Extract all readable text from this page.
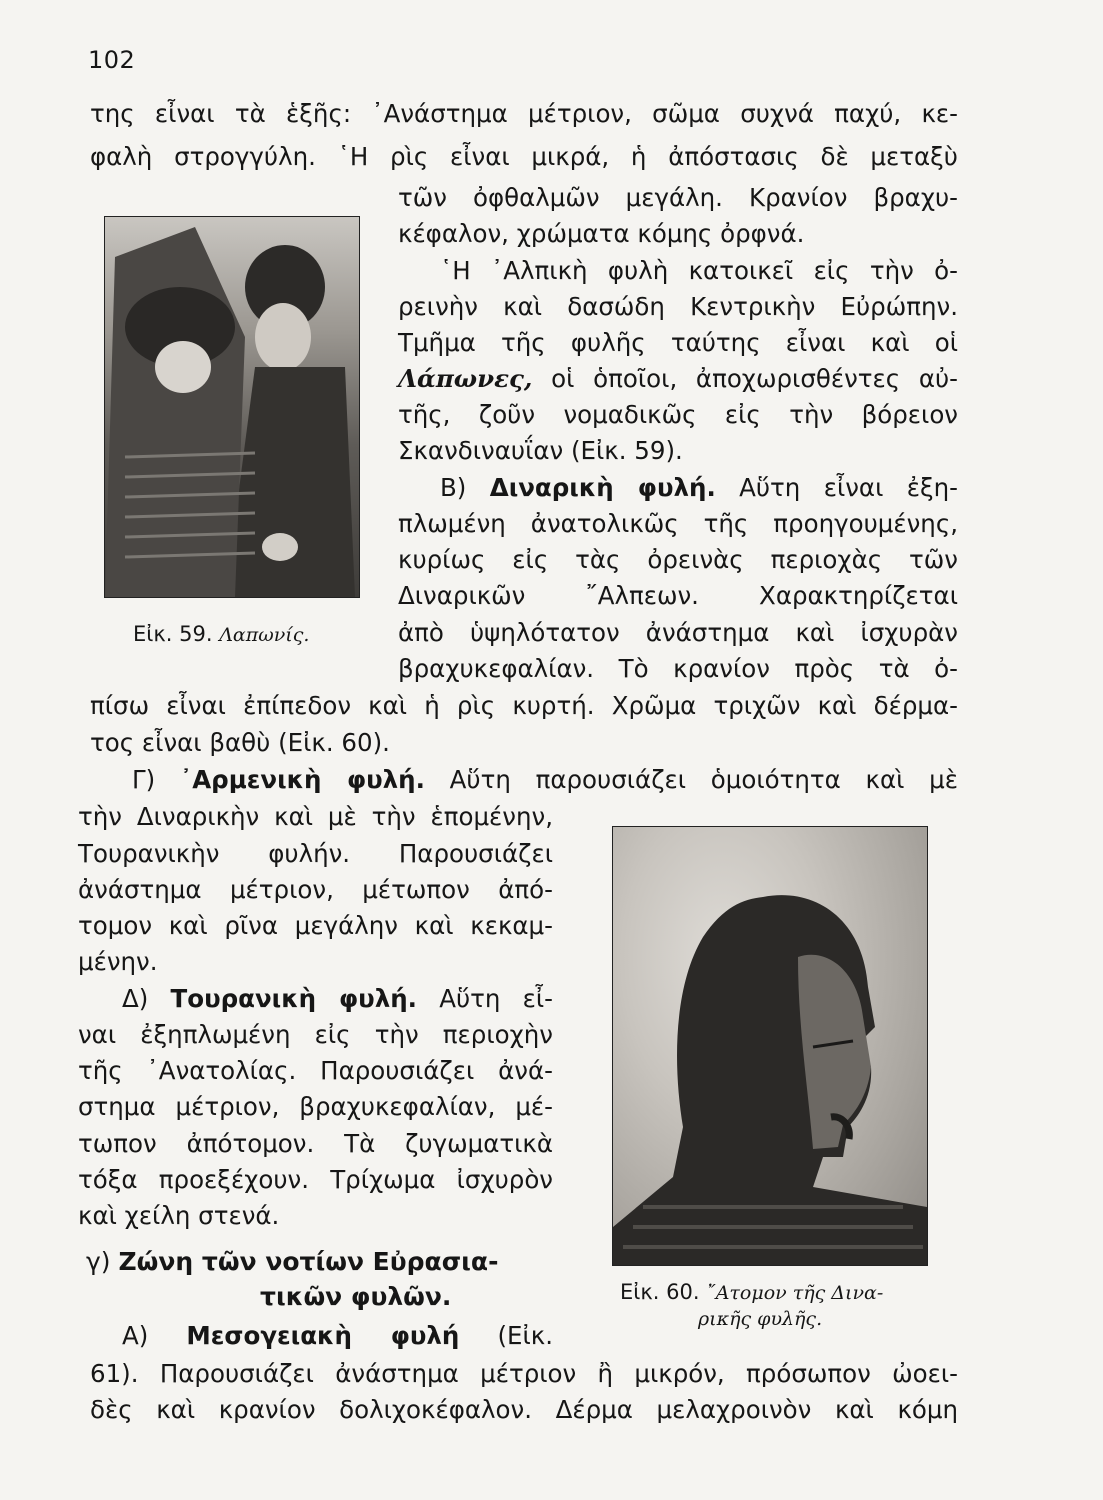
102
της εἶναι τὰ ἑξῆς: ᾽Ανάστημα μέτριον, σῶμα συχνά παχύ, κε-
φαλὴ στρογγύλη. ῾Η ρὶς εἶναι μικρά, ἡ ἀπόστασις δὲ μεταξὺ
Εἰκ. 59. Λαπωνίς.
τῶν ὀφθαλμῶν μεγάλη. Κρανίον βραχυ-
κέφαλον, χρώματα κόμης ὀρφνά.
῾Η ᾽Αλπικὴ φυλὴ κατοικεῖ εἰς τὴν ὀ-
ρεινὴν καὶ δασώδη Κεντρικὴν Εὐρώπην.
Τμῆμα τῆς φυλῆς ταύτης εἶναι καὶ οἱ
Λάπωνες, οἱ ὁποῖοι, ἀποχωρισθέντες αὐ-
τῆς, ζοῦν νομαδικῶς εἰς τὴν βόρειον
Σκανδιναυΐαν (Εἰκ. 59).
Β) Διναρικὴ φυλή. Αὕτη εἶναι ἐξη-
πλωμένη ἀνατολικῶς τῆς προηγουμένης,
κυρίως εἰς τὰς ὀρεινὰς περιοχὰς τῶν
Διναρικῶν ῎Αλπεων. Χαρακτηρίζεται
ἀπὸ ὑψηλότατον ἀνάστημα καὶ ἰσχυρὰν
βραχυκεφαλίαν. Τὸ κρανίον πρὸς τὰ ὀ-
πίσω εἶναι ἐπίπεδον καὶ ἡ ρὶς κυρτή. Χρῶμα τριχῶν καὶ δέρμα-
τος εἶναι βαθὺ (Εἰκ. 60).
Γ) ᾽Αρμενικὴ φυλή. Αὕτη παρουσιάζει ὁμοιότητα καὶ μὲ
τὴν Διναρικὴν καὶ μὲ τὴν ἑπομένην,
Τουρανικὴν φυλήν. Παρουσιάζει
ἀνάστημα μέτριον, μέτωπον ἀπό-
τομον καὶ ρῖνα μεγάλην καὶ κεκαμ-
μένην.
Δ) Τουρανικὴ φυλή. Αὕτη εἶ-
ναι ἐξηπλωμένη εἰς τὴν περιοχὴν
τῆς ᾽Ανατολίας. Παρουσιάζει ἀνά-
στημα μέτριον, βραχυκεφαλίαν, μέ-
τωπον ἀπότομον. Τὰ ζυγωματικὰ
τόξα προεξέχουν. Τρίχωμα ἰσχυρὸν
καὶ χείλη στενά.
γ) Ζώνη τῶν νοτίων Εὐρασια-
τικῶν φυλῶν.
Α) Μεσογειακὴ φυλή (Εἰκ.
Εἰκ. 60. ῎Ατομον τῆς Δινα-
ρικῆς φυλῆς.
61). Παρουσιάζει ἀνάστημα μέτριον ἢ μικρόν, πρόσωπον ὠοει-
δὲς καὶ κρανίον δολιχοκέφαλον. Δέρμα μελαχροινὸν καὶ κόμη
